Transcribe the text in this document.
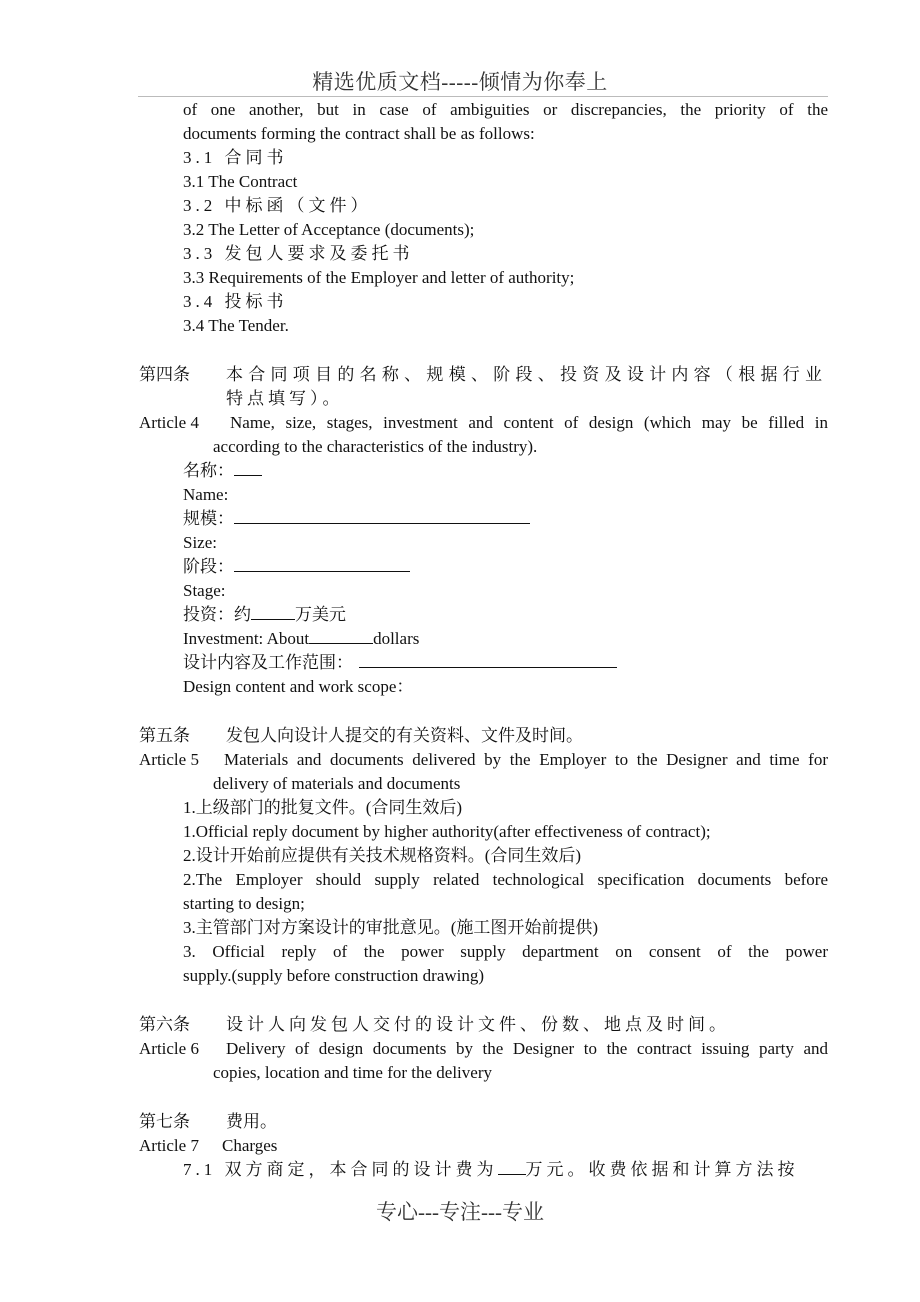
精选优质文档-----倾情为你奉上
of one another, but in case of ambiguities or discrepancies, the priority of the
documents forming the contract shall be as follows:
3.1 合同书
3.1 The Contract
3.2 中标函（文件）
3.2 The Letter of Acceptance (documents);
3.3 发包人要求及委托书
3.3 Requirements of the Employer and letter of authority;
3.4 投标书
3.4 The Tender.
第四条 本合同项目的名称、规模、阶段、投资及设计内容（根据行业
特点填写）。
Article 4 Name, size, stages, investment and content of design (which may be filled in
according to the characteristics of the industry).
名称：
Name:
规模：
Size:
阶段：
Stage:
投资：约	万美元
Investment: About	dollars
设计内容及工作范围：
Design content and work scope：
第五条 发包人向设计人提交的有关资料、文件及时间。
Article 5 Materials and documents delivered by the Employer to the Designer and time for
delivery of materials and documents
1.上级部门的批复文件。(合同生效后)
1.Official reply document by higher authority(after effectiveness of contract);
2.设计开始前应提供有关技术规格资料。(合同生效后)
2.The Employer should supply related technological specification documents before
starting to design;
3.主管部门对方案设计的审批意见。(施工图开始前提供)
3. Official reply of the power supply department on consent of the power
supply.(supply before construction drawing)
第六条 设计人向发包人交付的设计文件、份数、地点及时间。
Article 6 Delivery of design documents by the Designer to the contract issuing party and
copies, location and time for the delivery
第七条 费用。
Article 7 Charges
7.1 双方商定，本合同的设计费为 万元。收费依据和计算方法按
专心---专注---专业
